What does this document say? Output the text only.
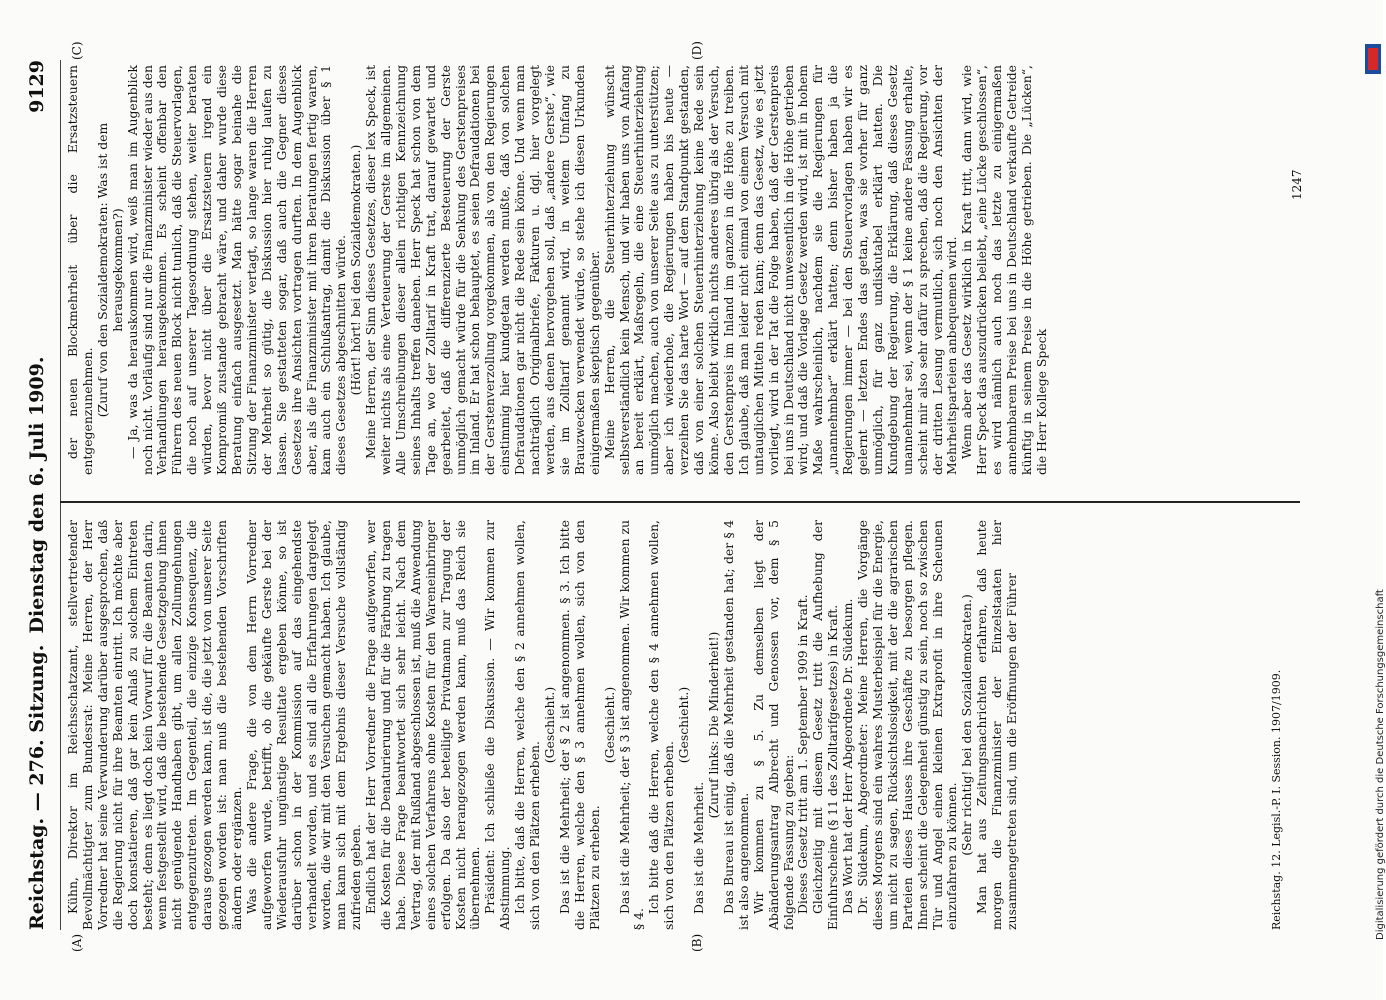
Reichstag. — 276. Sitzung.
Dienstag den 6. Juli 1909.
9129
(A)	(B)
(C)	(D)

Kühn, Direktor im Reichsschatzamt, stellvertretender Bevollmächtigter zum Bundesrat: Meine Herren, der Herr Vorredner hat seine Verwunderung darüber ausgesprochen, daß die Regierung nicht für ihre Beamten eintritt. Ich möchte aber doch konstatieren, daß gar kein Anlaß zu solchem Eintreten besteht; denn es liegt doch kein Vorwurf für die Beamten darin, wenn festgestellt wird, daß die bestehende Gesetzgebung ihnen nicht genügende Handhaben gibt, um allen Zollumgehungen entgegenzutreten. Im Gegenteil, die einzige Konsequenz, die daraus gezogen werden kann, ist die, die jetzt von unserer Seite gezogen worden ist: man muß die bestehenden Vorschriften ändern oder ergänzen. Was die andere Frage, die von dem Herrn Vorredner aufgeworfen wurde, betrifft, ob die gekäufte Gerste bei der Wiederausfuhr ungünstige Resultate ergeben könne, so ist darüber schon in der Kommission auf das eingehendste verhandelt worden, und es sind all die Erfahrungen dargelegt worden, die wir mit den Versuchen gemacht haben. Ich glaube, man kann sich mit dem Ergebnis dieser Versuche vollständig zufrieden geben. Endlich hat der Herr Vorredner die Frage aufgeworfen, wer die Kosten für die Denaturierung und für die Färbung zu tragen habe. Diese Frage beantwortet sich sehr leicht. Nach dem Vertrag, der mit Rußland abgeschlossen ist, muß die Anwendung eines solchen Verfahrens ohne Kosten für den Wareneinbringer erfolgen. Da also der beteiligte Privatmann zur Tragung der Kosten nicht herangezogen werden kann, muß das Reich sie übernehmen. Präsident: Ich schließe die Diskussion. — Wir kommen zur Abstimmung. Ich bitte, daß die Herren, welche den § 2 annehmen wollen, sich von den Plätzen erheben.

(Geschieht.) Das ist die Mehrheit; der § 2 ist angenommen. § 3. Ich bitte die Herren, welche den § 3 annehmen wollen, sich von den Plätzen zu erheben.

(Geschieht.) Das ist die Mehrheit; der § 3 ist angenommen. Wir kommen zu § 4.

Ich bitte daß die Herren, welche den § 4 annehmen wollen, sich von den Plätzen erheben.

(Geschieht.)

Das ist die Mehrheit.

(Zuruf links: Die Minderheit!) Das Bureau ist einig, daß die Mehrheit gestanden hat; der § 4 ist also angenommen. Wir kommen zu § 5. Zu demselben liegt der Abänderungsantrag Albrecht und Genossen vor, dem § 5 folgende Fassung zu geben: Dieses Gesetz tritt am 1. September 1909 in Kraft. Gleichzeitig mit diesem Gesetz tritt die Aufhebung der Einfuhrscheine (§ 11 des Zolltarifgesetzes) in Kraft. Das Wort hat der Herr Abgeordnete Dr. Südekum. Dr. Südekum, Abgeordneter: Meine Herren, die Vorgänge dieses Morgens sind ein wahres Musterbeispiel für die Energie, um nicht zu sagen, Rücksichtslosigkeit, mit der die agrarischen Parteien dieses Hauses ihre Geschäfte zu besorgen pflegen. Ihnen scheint die Gelegenheit günstig zu sein, noch so zwischen Tür und Angel einen kleinen Extraprofit in ihre Scheunen einzufahren zu können.

(Sehr richtig! bei den Sozialdemokraten.) Man hat aus Zeitungsnachrichten erfahren, daß heute morgen die Finanzminister der Einzelstaaten hier zusammengetreten sind, um die Eröffnungen der Führer

der neuen Blockmehrheit über die Ersatzsteuern entgegenzunehmen. (Zuruf von den Sozialdemokraten: Was ist dem herausgekommen?) — Ja, was da herauskommen wird, weiß man im Augenblick noch nicht. Vorläufig sind nur die Finanzminister wieder aus den Verhandlungen herausgekommen. Es scheint offenbar den Führern des neuen Block nicht tunlich, daß die Steuervorlagen, die noch auf unserer Tagesordnung stehen, weiter beraten würden, bevor nicht über die Ersatzsteuern irgend ein Kompromiß zustande gebracht wäre, und daher wurde diese Beratung einfach ausgesetzt. Man hätte sogar beinahe die Sitzung der Finanzminister vertagt, so lange waren die Herren der Mehrheit so gütig, die Diskussion hier ruhig laufen zu lassen. Sie gestatteten sogar, daß auch die Gegner dieses Gesetzes ihre Ansichten vortragen durften. In dem Augenblick aber, als die Finanzminister mit ihren Beratungen fertig waren, kam auch ein Schlußantrag, damit die Diskussion über § 1 dieses Gesetzes abgeschnitten würde. (Hört! hört! bei den Sozialdemokraten.) Meine Herren, der Sinn dieses Gesetzes, dieser lex Speck, ist weiter nichts als eine Verteuerung der Gerste im allgemeinen. Alle Umschreibungen dieser allein richtigen Kennzeichnung seines Inhalts treffen daneben. Herr Speck hat schon von dem Tage an, wo der Zolltarif in Kraft trat, darauf gewartet und gearbeitet, daß die differenzierte Besteuerung der Gerste unmöglich gemacht würde für die Senkung des Gerstenpreises im Inland. Er hat schon behauptet, es seien Defraudationen bei der Gerstenverzollung vorgekommen, als von den Regierungen einstimmig hier kundgetan werden mußte, daß von solchen Defraudationen gar nicht die Rede sein könne. Und wenn man nachträglich Originalbriefe, Fakturen u. dgl. hier vorgelegt werden, aus denen hervorgehen soll, daß „andere Gerste“, wie sie im Zolltarif genannt wird, in weitem Umfang zu Brauzwecken verwendet würde, so stehe ich diesen Urkunden einigermaßen skeptisch gegenüber. Meine Herren, die Steuerhinterziehung wünscht selbstverständlich kein Mensch, und wir haben uns von Anfang an bereit erklärt, Maßregeln, die eine Steuerhinterziehung unmöglich machen, auch von unserer Seite aus zu unterstützen; aber ich wiederhole, die Regierungen haben bis heute — verzeihen Sie das harte Wort — auf dem Standpunkt gestanden, daß von einer solchen Steuerhinterziehung keine Rede sein könne. Also bleibt wirklich nichts anderes übrig als der Versuch, den Gerstenpreis im Inland im ganzen in die Höhe zu treiben. Ich glaube, daß man leider nicht einmal von einem Versuch mit untauglichen Mitteln reden kann; denn das Gesetz, wie es jetzt vorliegt, wird in der Tat die Folge haben, daß der Gerstenpreis bei uns in Deutschland nicht unwesentlich in die Höhe getrieben wird; und daß die Vorlage Gesetz werden wird, ist mit in hohem Maße wahrscheinlich, nachdem sie die Regierungen für „unannehmbar“ erklärt hatten; denn bisher haben ja die Regierungen immer — bei den Steuervorlagen haben wir es gelernt — letzten Endes das getan, was sie vorher für ganz unmöglich, für ganz undiskutabel erklärt hatten. Die Kundgebung der Regierung, die Erklärung, daß dieses Gesetz unannehmbar sei, wenn der § 1 keine andere Fassung erhalte, scheint mir also sehr dafür zu sprechen, daß die Regierung, vor der dritten Lesung vermutlich, sich noch den Ansichten der Mehrheitsparteien anbequemen wird. Wenn aber das Gesetz wirklich in Kraft tritt, dann wird, wie Herr Speck das auszudrücken beliebt, „eine Lücke geschlossen“, es wird nämlich auch noch das letzte zu einigermaßen annehmbarem Preise bei uns in Deutschland verkaufte Getreide künftig in seinem Preise in die Höhe getrieben. Die „Lücken“, die Herr Kollege Speck

Reichstag. 12. Legisl.-P. I. Session. 1907/1909.
1247
Digitalisierung gefördert durch die Deutsche Forschungsgemeinschaft
